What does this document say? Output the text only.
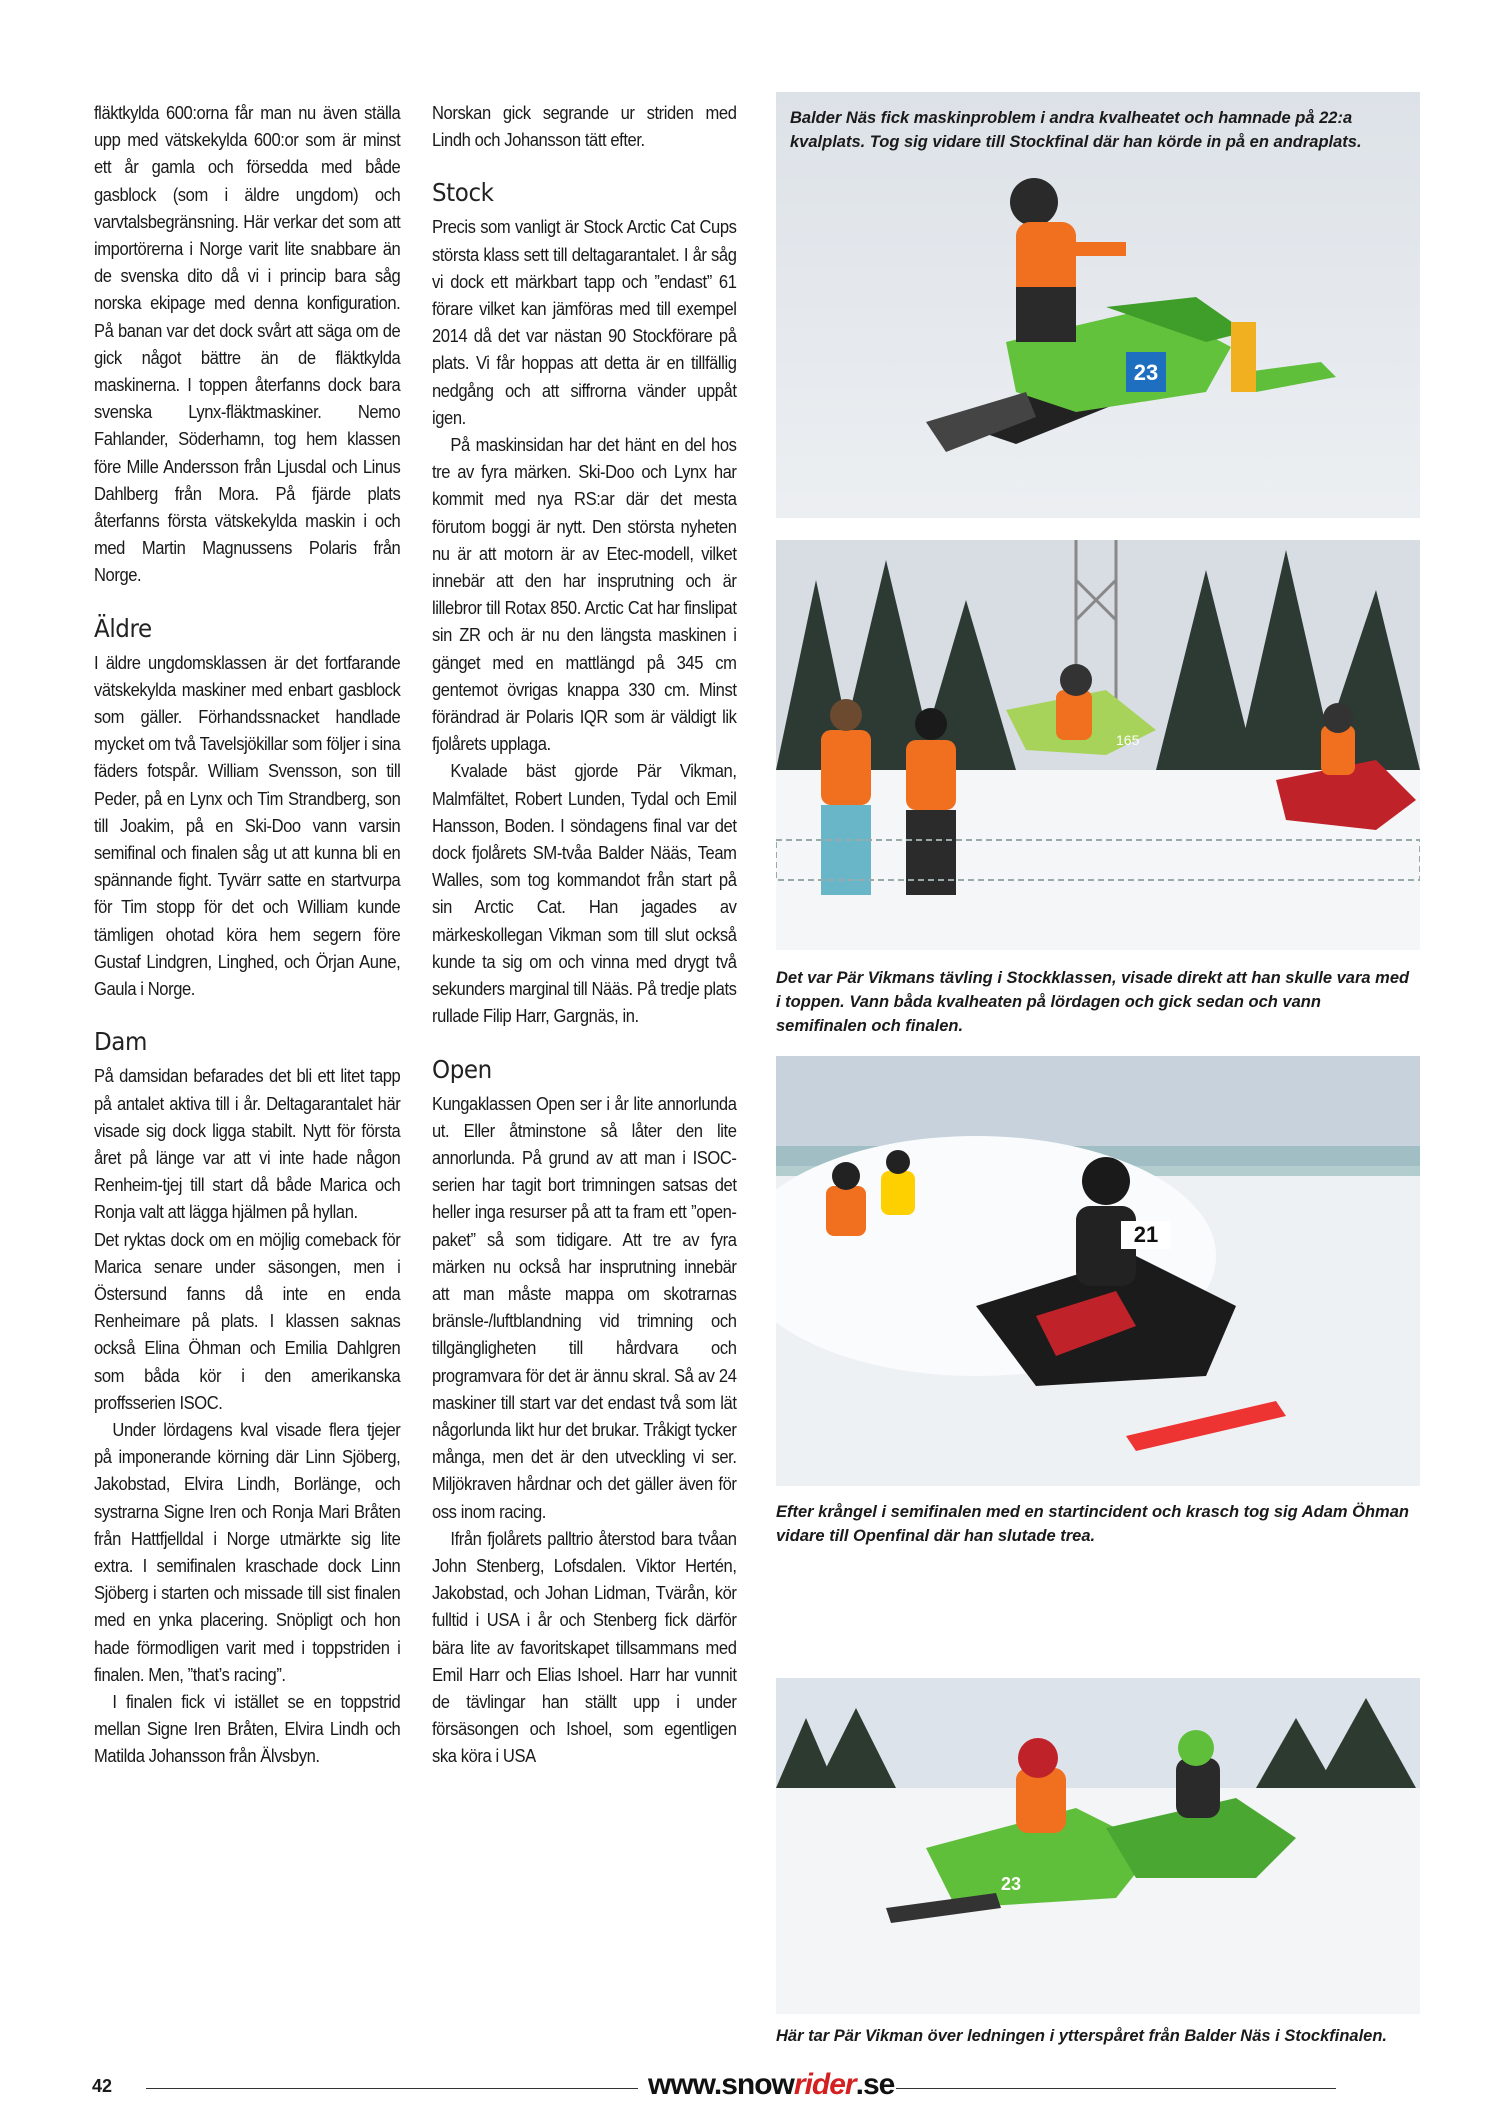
fläktkylda 600:orna får man nu även ställa upp med vätskekylda 600:or som är minst ett år gamla och försedda med både gasblock (som i äldre ungdom) och varvtalsbegränsning. Här verkar det som att importörerna i Norge varit lite snabbare än de svenska dito då vi i princip bara såg norska ekipage med denna konfiguration. På banan var det dock svårt att säga om de gick något bättre än de fläktkylda maskinerna. I toppen återfanns dock bara svenska Lynx-fläktmaskiner. Nemo Fahlander, Söderhamn, tog hem klassen före Mille Andersson från Ljusdal och Linus Dahlberg från Mora. På fjärde plats återfanns första vätskekylda maskin i och med Martin Magnussens Polaris från Norge.

Äldre

I äldre ungdomsklassen är det fortfarande vätskekylda maskiner med enbart gasblock som gäller. Förhandssnacket handlade mycket om två Tavelsjökillar som följer i sina fäders fotspår. William Svensson, son till Peder, på en Lynx och Tim Strandberg, son till Joakim, på en Ski-Doo vann varsin semifinal och finalen såg ut att kunna bli en spännande fight. Tyvärr satte en startvurpa för Tim stopp för det och William kunde tämligen ohotad köra hem segern före Gustaf Lindgren, Linghed, och Örjan Aune, Gaula i Norge.

Dam

På damsidan befarades det bli ett litet tapp på antalet aktiva till i år. Deltagarantalet här visade sig dock ligga stabilt. Nytt för första året på länge var att vi inte hade någon Renheim-tjej till start då både Marica och Ronja valt att lägga hjälmen på hyllan.

Det ryktas dock om en möjlig comeback för Marica senare under säsongen, men i Östersund fanns då inte en enda Renheimare på plats. I klassen saknas också Elina Öhman och Emilia Dahlgren som båda kör i den amerikanska proffsserien ISOC.

Under lördagens kval visade flera tjejer på imponerande körning där Linn Sjöberg, Jakobstad, Elvira Lindh, Borlänge, och systrarna Signe Iren och Ronja Mari Bråten från Hattfjelldal i Norge utmärkte sig lite extra. I semifinalen kraschade dock Linn Sjöberg i starten och missade till sist finalen med en ynka placering. Snöpligt och hon hade förmodligen varit med i toppstriden i finalen. Men, ”that’s racing”.

I finalen fick vi istället se en toppstrid mellan Signe Iren Bråten, Elvira Lindh och Matilda Johansson från Älvsbyn.

Norskan gick segrande ur striden med Lindh och Johansson tätt efter.

Stock

Precis som vanligt är Stock Arctic Cat Cups största klass sett till deltagarantalet. I år såg vi dock ett märkbart tapp och ”endast” 61 förare vilket kan jämföras med till exempel 2014 då det var nästan 90 Stockförare på plats. Vi får hoppas att detta är en tillfällig nedgång och att siffrorna vänder uppåt igen.

På maskinsidan har det hänt en del hos tre av fyra märken. Ski-Doo och Lynx har kommit med nya RS:ar där det mesta förutom boggi är nytt. Den största nyheten nu är att motorn är av Etec-modell, vilket innebär att den har insprutning och är lillebror till Rotax 850. Arctic Cat har finslipat sin ZR och är nu den längsta maskinen i gänget med en mattlängd på 345 cm gentemot övrigas knappa 330 cm. Minst förändrad är Polaris IQR som är väldigt lik fjolårets upplaga.

Kvalade bäst gjorde Pär Vikman, Malmfältet, Robert Lunden, Tydal och Emil Hansson, Boden. I söndagens final var det dock fjolårets SM-tvåa Balder Nääs, Team Walles, som tog kommandot från start på sin Arctic Cat. Han jagades av märkeskollegan Vikman som till slut också kunde ta sig om och vinna med drygt två sekunders marginal till Nääs. På tredje plats rullade Filip Harr, Gargnäs, in.

Open

Kungaklassen Open ser i år lite annorlunda ut. Eller åtminstone så låter den lite annorlunda. På grund av att man i ISOC-serien har tagit bort trimningen satsas det heller inga resurser på att ta fram ett ”open-paket” så som tidigare. Att tre av fyra märken nu också har insprutning innebär att man måste mappa om skotrarnas bränsle-/luftblandning vid trimning och tillgängligheten till hårdvara och programvara för det är ännu skral. Så av 24 maskiner till start var det endast två som lät någorlunda likt hur det brukar. Tråkigt tycker många, men det är den utveckling vi ser. Miljökraven hårdnar och det gäller även för oss inom racing.

Ifrån fjolårets palltrio återstod bara tvåan John Stenberg, Lofsdalen. Viktor Hertén, Jakobstad, och Johan Lidman, Tvärån, kör fulltid i USA i år och Stenberg fick därför bära lite av favoritskapet tillsammans med Emil Harr och Elias Ishoel. Harr har vunnit de tävlingar han ställt upp i under försäsongen och Ishoel, som egentligen ska köra i USA

23
Balder Näs fick maskinproblem i andra kvalheatet och hamnade på 22:a kvalplats. Tog sig vidare till Stockfinal där han körde in på en andraplats.
165
Det var Pär Vikmans tävling i Stockklassen, visade direkt att han skulle vara med i toppen. Vann båda kvalheaten på lördagen och gick sedan och vann semifinalen och finalen.
21
Efter krångel i semifinalen med en startincident och krasch tog sig Adam Öhman vidare till Openfinal där han slutade trea.
23
Här tar Pär Vikman över ledningen i ytterspåret från Balder Näs i Stockfinalen.
42	www.snowrider.se
